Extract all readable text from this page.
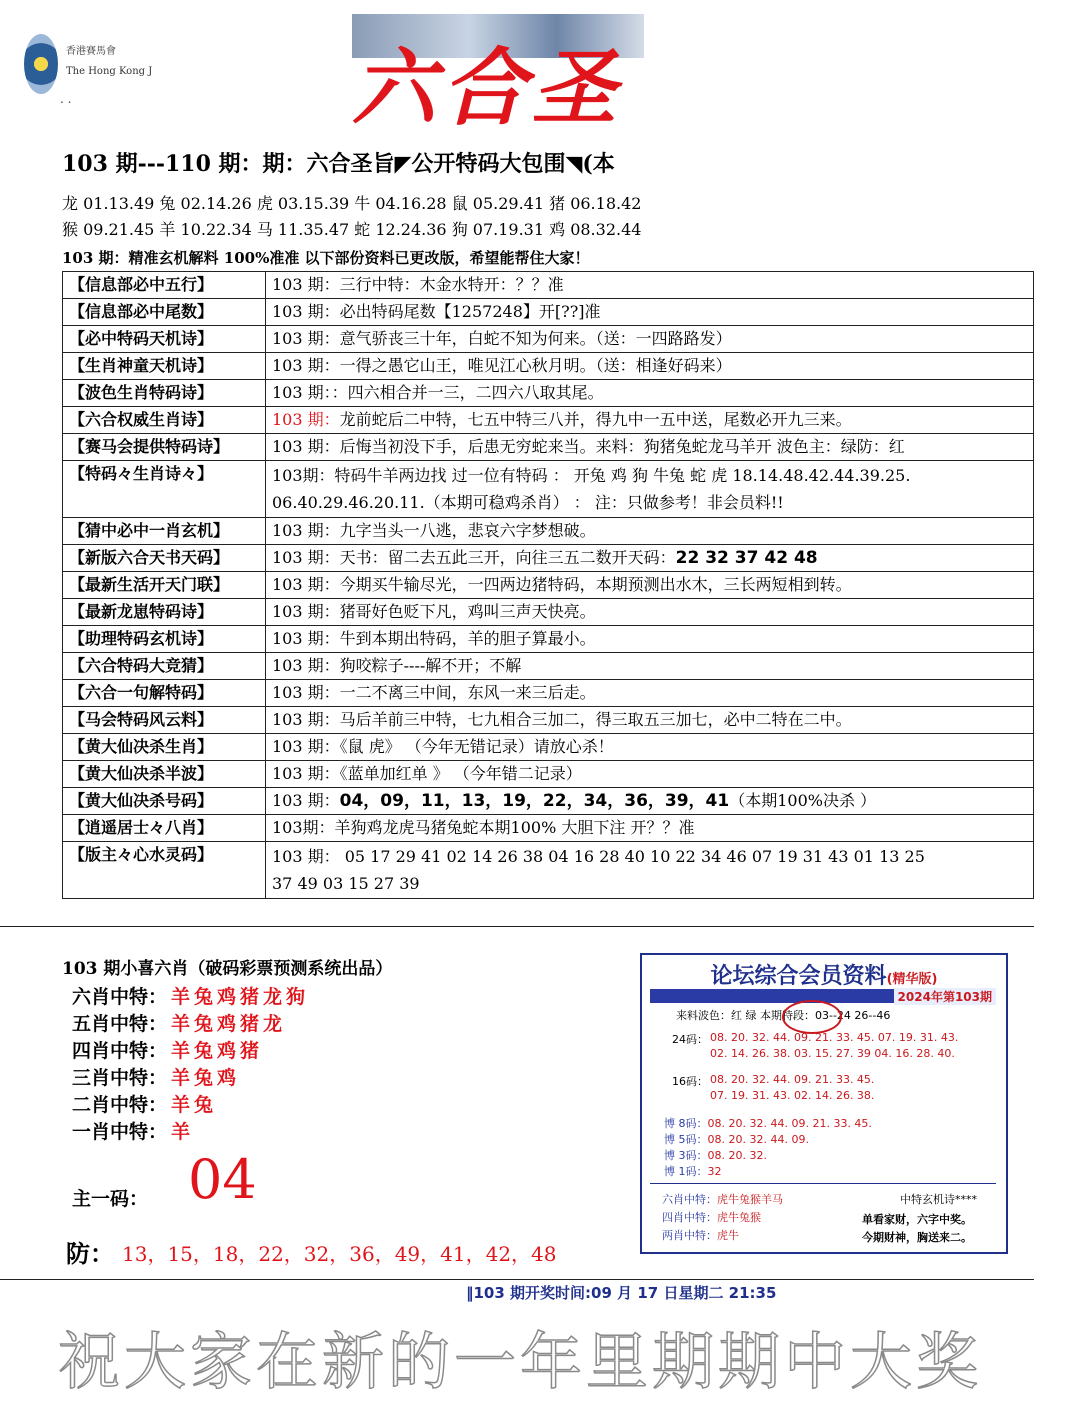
香港賽馬會
The Hong Kong J
. .	六合圣
103 期---110 期：期：六合圣旨◤公开特码大包围◥(本
龙 01.13.49 兔 02.14.26 虎 03.15.39 牛 04.16.28 鼠 05.29.41 猪 06.18.42
猴 09.21.45 羊 10.22.34 马 11.35.47 蛇 12.24.36 狗 07.19.31 鸡 08.32.44
103 期：精准玄机解料 100%准准 以下部份资料已更改版，希望能帮住大家！
【信息部必中五行】	103 期：三行中特：木金水特开：？？准
【信息部必中尾数】	103 期：必出特码尾数【1257248】开[??]准
【必中特码天机诗】	103 期：意气骄丧三十年，白蛇不知为何来。（送：一四路路发）
【生肖神童天机诗】	103 期：一得之愚它山王，唯见江心秋月明。（送：相逢好码来）
【波色生肖特码诗】	103 期：：四六相合并一三，二四六八取其尾。
【六合权威生肖诗】	103 期：龙前蛇后二中特，七五中特三八并，得九中一五中送，尾数必开九三来。
【赛马会提供特码诗】	103 期：后悔当初没下手，后患无穷蛇来当。来料：狗猪兔蛇龙马羊开 波色主：绿防：红
【特码々生肖诗々】	103期：特码牛羊两边找 过一位有特码 ： 开兔 鸡 狗 牛兔 蛇 虎 18.14.48.42.44.39.25.
06.40.29.46.20.11.（本期可稳鸡杀肖） ： 注：只做参考！非会员料!!

【猜中必中一肖玄机】	103 期：九字当头一八逃，悲哀六字梦想破。
【新版六合天书天码】	103 期：天书：留二去五此三开，向往三五二数开天码：22 32 37 42 48
【最新生活开天门联】	103 期：今期买牛输尽光，一四两边猪特码，本期预测出水木，三长两短相到转。
【最新龙崽特码诗】	103 期：猪哥好色贬下凡，鸡叫三声天快亮。
【助理特码玄机诗】	103 期：牛到本期出特码，羊的胆子算最小。
【六合特码大竞猜】	103 期：狗咬粽子----解不开；不解
【六合一句解特码】	103 期：一二不离三中间，东风一来三后走。
【马会特码风云料】	103 期：马后羊前三中特，七九相合三加二，得三取五三加七，必中二特在二中。
【黄大仙决杀生肖】	103 期：《鼠 虎》 （今年无错记录）请放心杀！
【黄大仙决杀半波】	103 期：《蓝单加红单 》 （今年错二记录）
【黄大仙决杀号码】	103 期：04，09，11，13，19，22，34，36，39，41（本期100%决杀 ）
【逍遥居士々八肖】	103期：羊狗鸡龙虎马猪兔蛇本期100% 大胆下注 开？？准
【版主々心水灵码】	103 期： 05 17 29 41 02 14 26 38 04 16 28 40 10 22 34 46 07 19 31 43 01 13 25
37 49 03 15 27 39
103 期小喜六肖（破码彩票预测系统出品）
六肖中特： 羊兔鸡猪龙狗
五肖中特： 羊兔鸡猪龙
四肖中特： 羊兔鸡猪
三肖中特： 羊兔鸡
二肖中特： 羊兔
一肖中特： 羊
主一码： 04
防： 13，15，18，22，32，36，49，41，42，48
论坛综合会员资料(精华版)
2024年第103期
来料波色：红 绿 本期特段：03--24 26--46
24码： 08. 20. 32. 44. 09. 21. 33. 45. 07. 19. 31. 43.
02. 14. 26. 38. 03. 15. 27. 39 04. 16. 28. 40.
16码： 08. 20. 32. 44. 09. 21. 33. 45.
07. 19. 31. 43. 02. 14. 26. 38.
博 8码：08. 20. 32. 44. 09. 21. 33. 45.
博 5码：08. 20. 32. 44. 09.
博 3码：08. 20. 32.
博 1码：32
六肖中特：虎牛兔猴羊马
四肖中特：虎牛兔猴
两肖中特：虎牛
中特玄机诗****
单看家财，六字中奖。
今期财神，胸送来二。
‖103 期开奖时间:09 月 17 日星期二 21:35
祝大家在新的一年里期期中大奖
